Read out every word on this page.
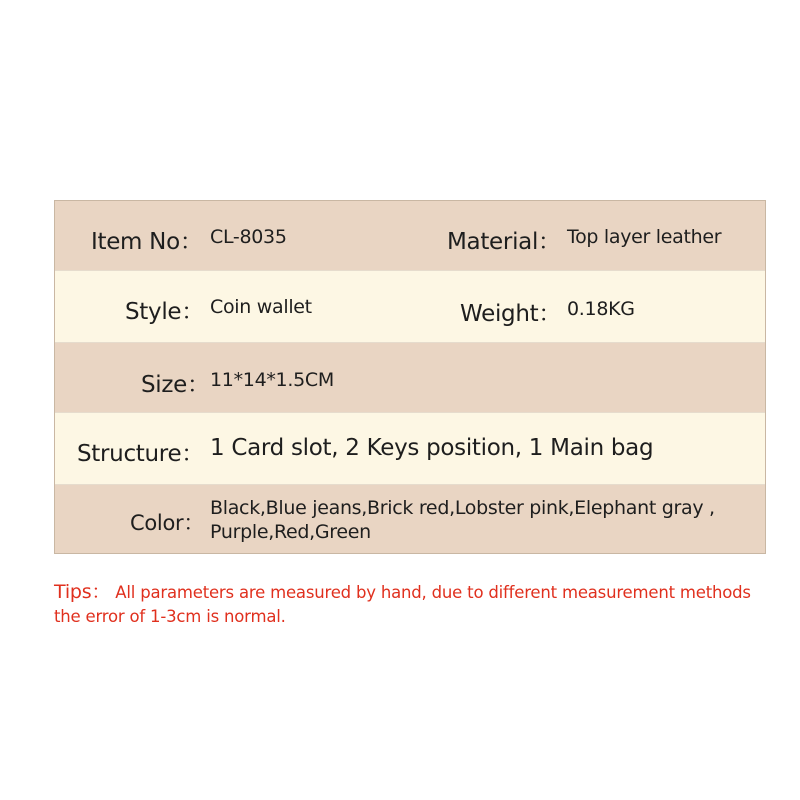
Item No： CL-8035	Material： Top layer leather
Style： Coin wallet	Weight： 0.18KG
Size： 11*14*1.5CM
Structure： 1 Card slot, 2 Keys position, 1 Main bag
Color：
Black,Blue jeans,Brick red,Lobster pink,Elephant gray ,
Purple,Red,Green
Tips： All parameters are measured by hand, due to different measurement methods
the error of 1-3cm is normal.
